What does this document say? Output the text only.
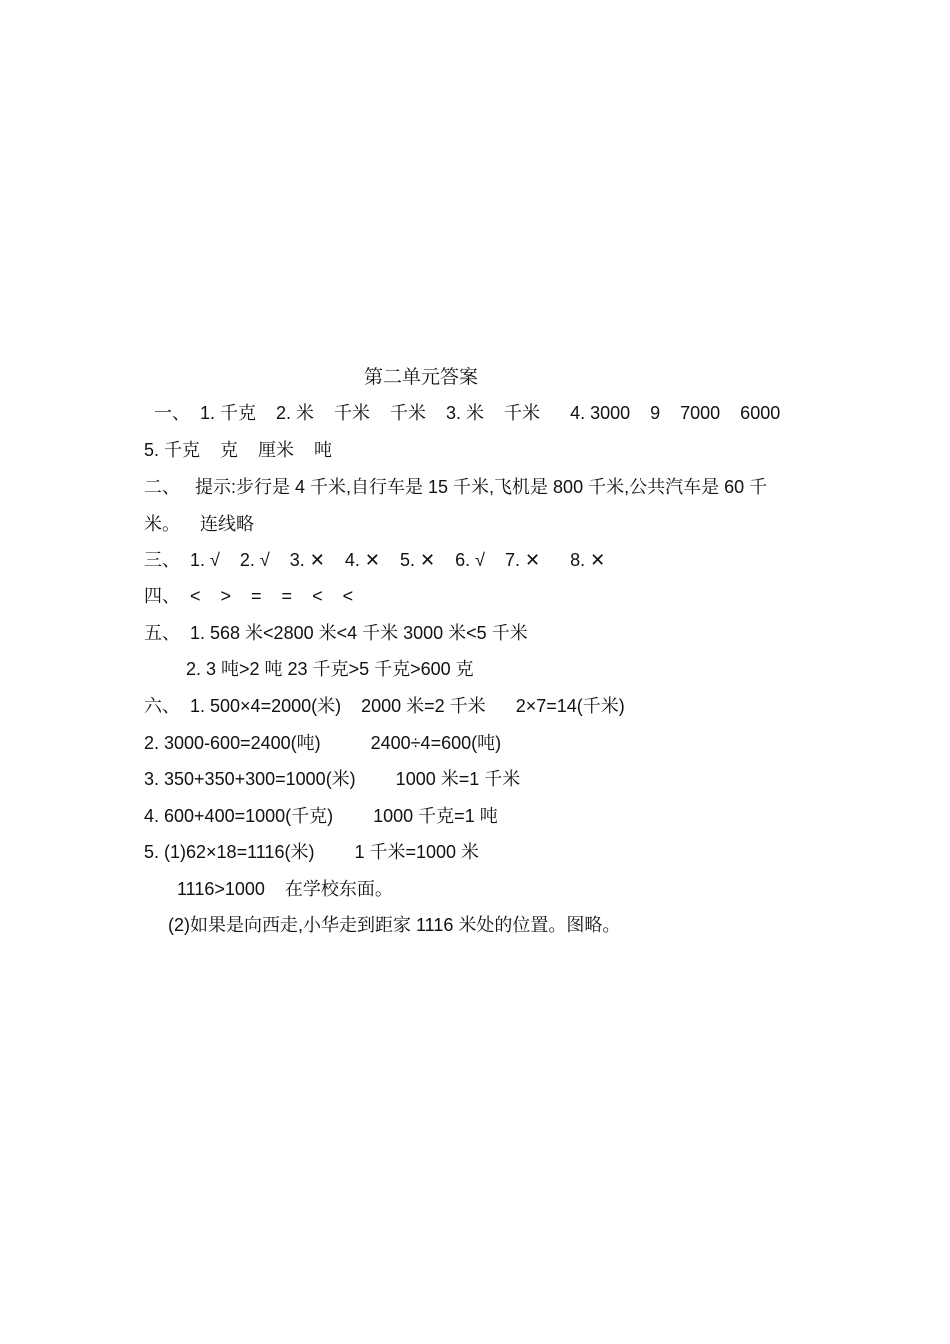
第二单元答案
一、  1. 千克    2. 米    千米    千米    3. 米    千米      4. 3000    9    7000    6000
5. 千克    克    厘米    吨
二、   提示:步行是 4 千米,自行车是 15 千米,飞机是 800 千米,公共汽车是 60 千
米。    连线略
三、  1. √    2. √    3. ✕    4. ✕    5. ✕    6. √    7. ✕      8. ✕
四、  <    >    =    =    <    <
五、  1. 568 米<2800 米<4 千米 3000 米<5 千米
2. 3 吨>2 吨 23 千克>5 千克>600 克
六、  1. 500×4=2000(米)    2000 米=2 千米      2×7=14(千米)
2. 3000-600=2400(吨)          2400÷4=600(吨)
3. 350+350+300=1000(米)        1000 米=1 千米
4. 600+400=1000(千克)        1000 千克=1 吨
5. (1)62×18=1116(米)        1 千米=1000 米
1116>1000    在学校东面。
(2)如果是向西走,小华走到距家 1116 米处的位置。图略。
